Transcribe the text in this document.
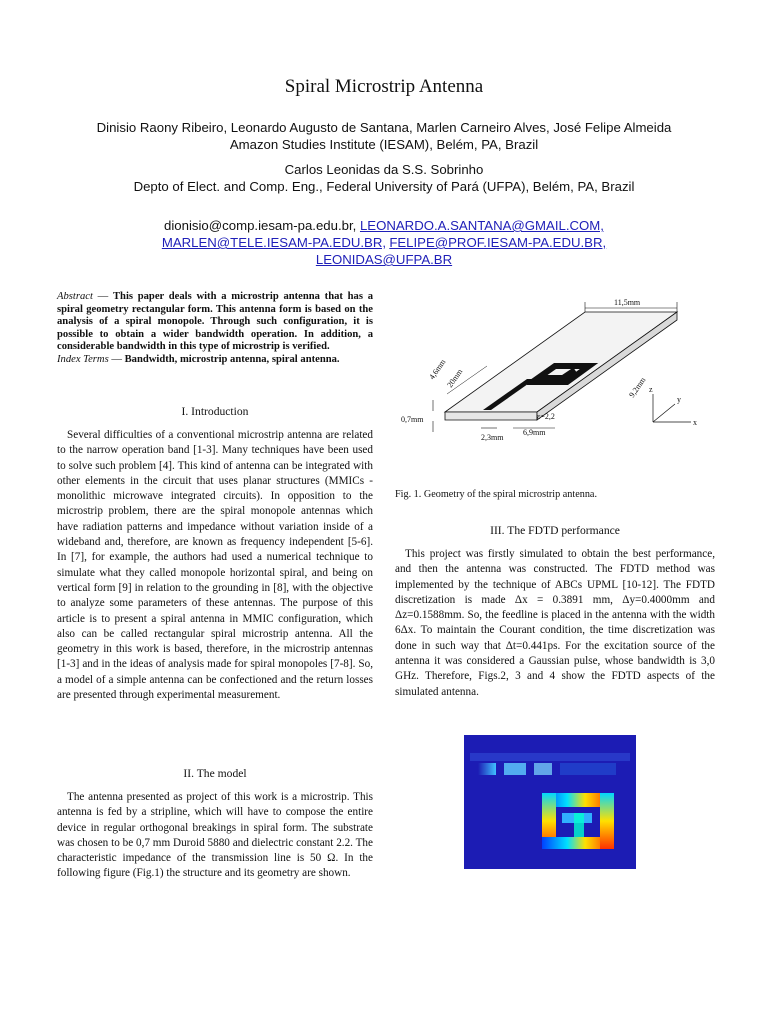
Spiral Microstrip Antenna
Dinisio Raony Ribeiro, Leonardo Augusto de Santana, Marlen Carneiro Alves, José Felipe Almeida
Amazon Studies Institute (IESAM), Belém, PA, Brazil
Carlos Leonidas da S.S. Sobrinho
Depto of Elect. and Comp. Eng., Federal University of Pará (UFPA), Belém, PA, Brazil
dionisio@comp.iesam-pa.edu.br, LEONARDO.A.SANTANA@GMAIL.COM,
MARLEN@TELE.IESAM-PA.EDU.BR, FELIPE@PROF.IESAM-PA.EDU.BR,
LEONIDAS@UFPA.BR
Abstract — This paper deals with a microstrip antenna that has a spiral geometry rectangular form. This antenna form is based on the analysis of a spiral monopole. Through such configuration, it is possible to obtain a wider bandwidth operation. In addition, a considerable bandwidth in this type of microstrip is verified.
Index Terms — Bandwidth, microstrip antenna, spiral antenna.
I. Introduction

Several difficulties of a conventional microstrip antenna are related to the narrow operation band [1-3]. Many techniques have been used to solve such problem [4]. This kind of antenna can be integrated with other elements in the circuit that uses planar structures (MMICs - monolithic microwave integrated circuits). In opposition to the microstrip problem, there are the spiral monopole antennas which have radiation patterns and impedance without variation inside of a wideband and, therefore, are known as frequency independent [5-6]. In [7], for example, the authors had used a numerical technique to simulate what they called monopole horizontal spiral, and being on vertical form [9] in relation to the grounding in [8], with the objective to analyze some parameters of these antennas. The purpose of this article is to present a spiral antenna in MMIC configuration, which also can be called rectangular spiral microstrip antenna. All the geometry in this work is based, therefore, in the microstrip antennas [1-3] and in the ideas of analysis made for spiral monopoles [7-8]. So, a model of a simple antenna can be confectioned and the return losses are presented through experimental measurement.

II. The model

The antenna presented as project of this work is a microstrip. This antenna is fed by a stripline, which will have to compose the entire device in regular orthogonal breakings in spiral form. The substrate was chosen to be 0,7 mm Duroid 5880 and dielectric constant 2.2. The characteristic impedance of the transmission line is 50 Ω. In the following figure (Fig.1) the structure and its geometry are shown.

11,5mm
4,6mm
20mm
0,7mm	ε=2,2
9,2mm
2,3mm
6,9mm
x
y
z
Fig. 1. Geometry of the spiral microstrip antenna.
III. The FDTD performance

This project was firstly simulated to obtain the best performance, and then the antenna was constructed. The FDTD method was implemented by the technique of ABCs UPML [10-12]. The FDTD discretization is made Δx = 0.3891 mm, Δy=0.4000mm and Δz=0.1588mm. So, the feedline is placed in the antenna with the width 6Δx. To maintain the Courant condition, the time discretization was done in such way that Δt=0.441ps. For the excitation source of the antenna it was considered a Gaussian pulse, whose bandwidth is 3,0 GHz. Therefore, Figs.2, 3 and 4 show the FDTD aspects of the simulated antenna.
